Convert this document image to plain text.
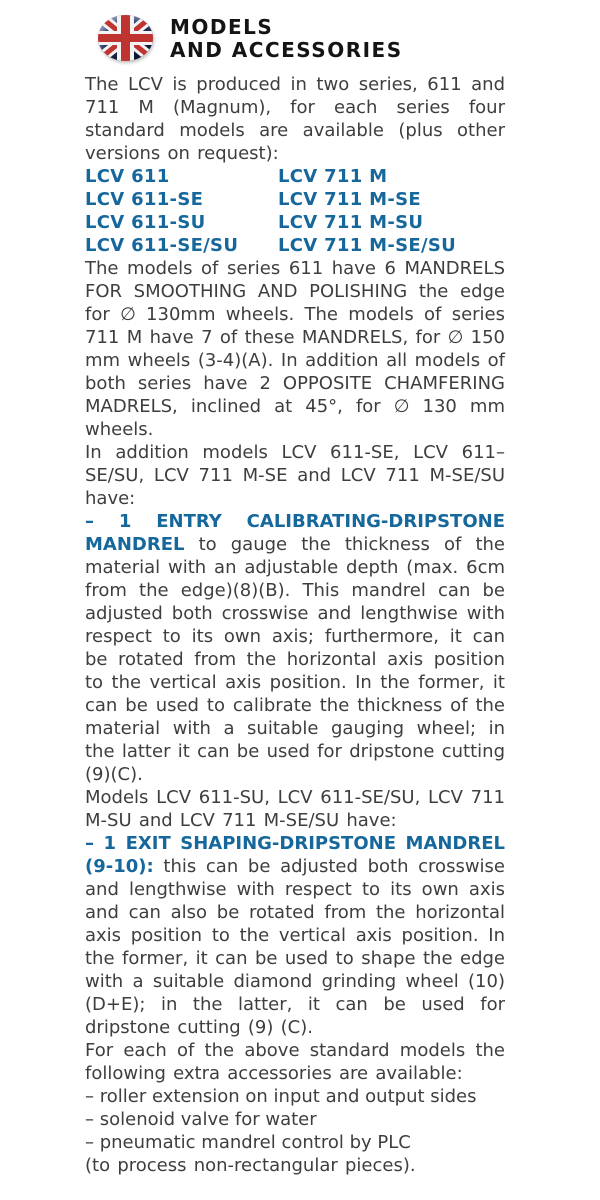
MODELS
AND ACCESSORIES

The LCV is produced in two series, 611 and 711 M (Magnum), for each series four standard models are available (plus other versions on request):

LCV 611	LCV 711 M
LCV 611-SE	LCV 711 M-SE
LCV 611-SU	LCV 711 M-SU
LCV 611-SE/SU	LCV 711 M-SE/SU

The models of series 611 have 6 MANDRELS FOR SMOOTHING AND POLISHING the edge for ∅ 130mm wheels. The models of series 711 M have 7 of these MANDRELS, for ∅ 150 mm wheels (3-4)(A). In addition all models of both series have 2 OPPOSITE CHAMFERING MADRELS, inclined at 45°, for ∅ 130 mm wheels.

In addition models LCV 611-SE, LCV 611–SE/SU, LCV 711 M-SE and LCV 711 M-SE/SU have:

– 1 ENTRY CALIBRATING-DRIPSTONE MANDREL to gauge the thickness of the material with an adjustable depth (max. 6cm from the edge)(8)(B). This mandrel can be adjusted both crosswise and lengthwise with respect to its own axis; furthermore, it can be rotated from the horizontal axis position to the vertical axis position. In the former, it can be used to calibrate the thickness of the material with a suitable gauging wheel; in the latter it can be used for dripstone cutting (9)(C).

Models LCV 611-SU, LCV 611-SE/SU, LCV 711 M-SU and LCV 711 M-SE/SU have:

– 1 EXIT SHAPING-DRIPSTONE MANDREL (9-10): this can be adjusted both crosswise and lengthwise with respect to its own axis and can also be rotated from the horizontal axis position to the vertical axis position. In the former, it can be used to shape the edge with a suitable diamond grinding wheel (10) (D+E); in the latter, it can be used for dripstone cutting (9) (C).

For each of the above standard models the following extra accessories are available:

– roller extension on input and output sides
– solenoid valve for water
– pneumatic mandrel control by PLC

(to process non-rectangular pieces).
